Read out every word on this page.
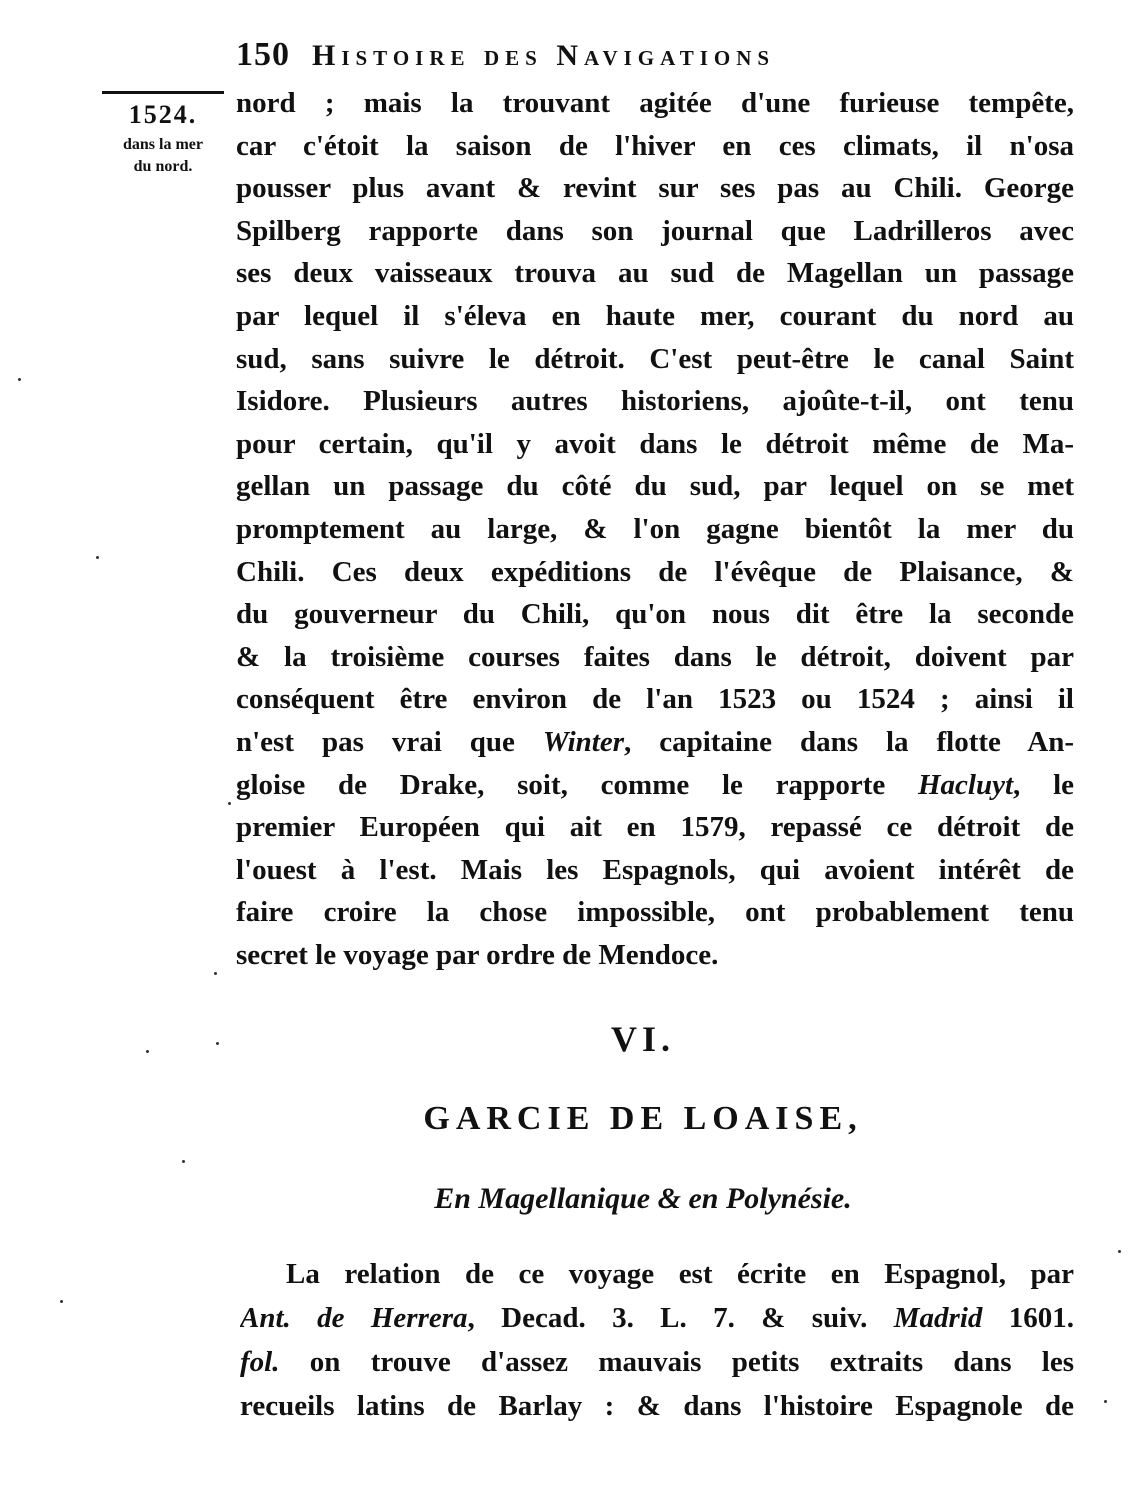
150 Histoire des Navigations
1524.
dans la mer
du nord.
nord ; mais la trouvant agitée d'une furieuse tempête,
car c'étoit la saison de l'hiver en ces climats, il n'osa
pousser plus avant & revint sur ses pas au Chili. George
Spilberg rapporte dans son journal que Ladrilleros avec
ses deux vaisseaux trouva au sud de Magellan un passage
par lequel il s'éleva en haute mer, courant du nord au
sud, sans suivre le détroit. C'est peut-être le canal Saint
Isidore. Plusieurs autres historiens, ajoûte-t-il, ont tenu
pour certain, qu'il y avoit dans le détroit même de Ma-
gellan un passage du côté du sud, par lequel on se met
promptement au large, & l'on gagne bientôt la mer du
Chili. Ces deux expéditions de l'évêque de Plaisance, &
du gouverneur du Chili, qu'on nous dit être la seconde
& la troisième courses faites dans le détroit, doivent par
conséquent être environ de l'an 1523 ou 1524 ; ainsi il
n'est pas vrai que Winter, capitaine dans la flotte An-
gloise de Drake, soit, comme le rapporte Hacluyt, le
premier Européen qui ait en 1579, repassé ce détroit de
l'ouest à l'est. Mais les Espagnols, qui avoient intérêt de
faire croire la chose impossible, ont probablement tenu
secret le voyage par ordre de Mendoce.
VI.
GARCIE DE LOAISE,
En Magellanique & en Polynésie.
La relation de ce voyage est écrite en Espagnol, par
Ant. de Herrera, Decad. 3. L. 7. & suiv. Madrid 1601.
fol. on trouve d'assez mauvais petits extraits dans les
recueils latins de Barlay : & dans l'histoire Espagnole de
